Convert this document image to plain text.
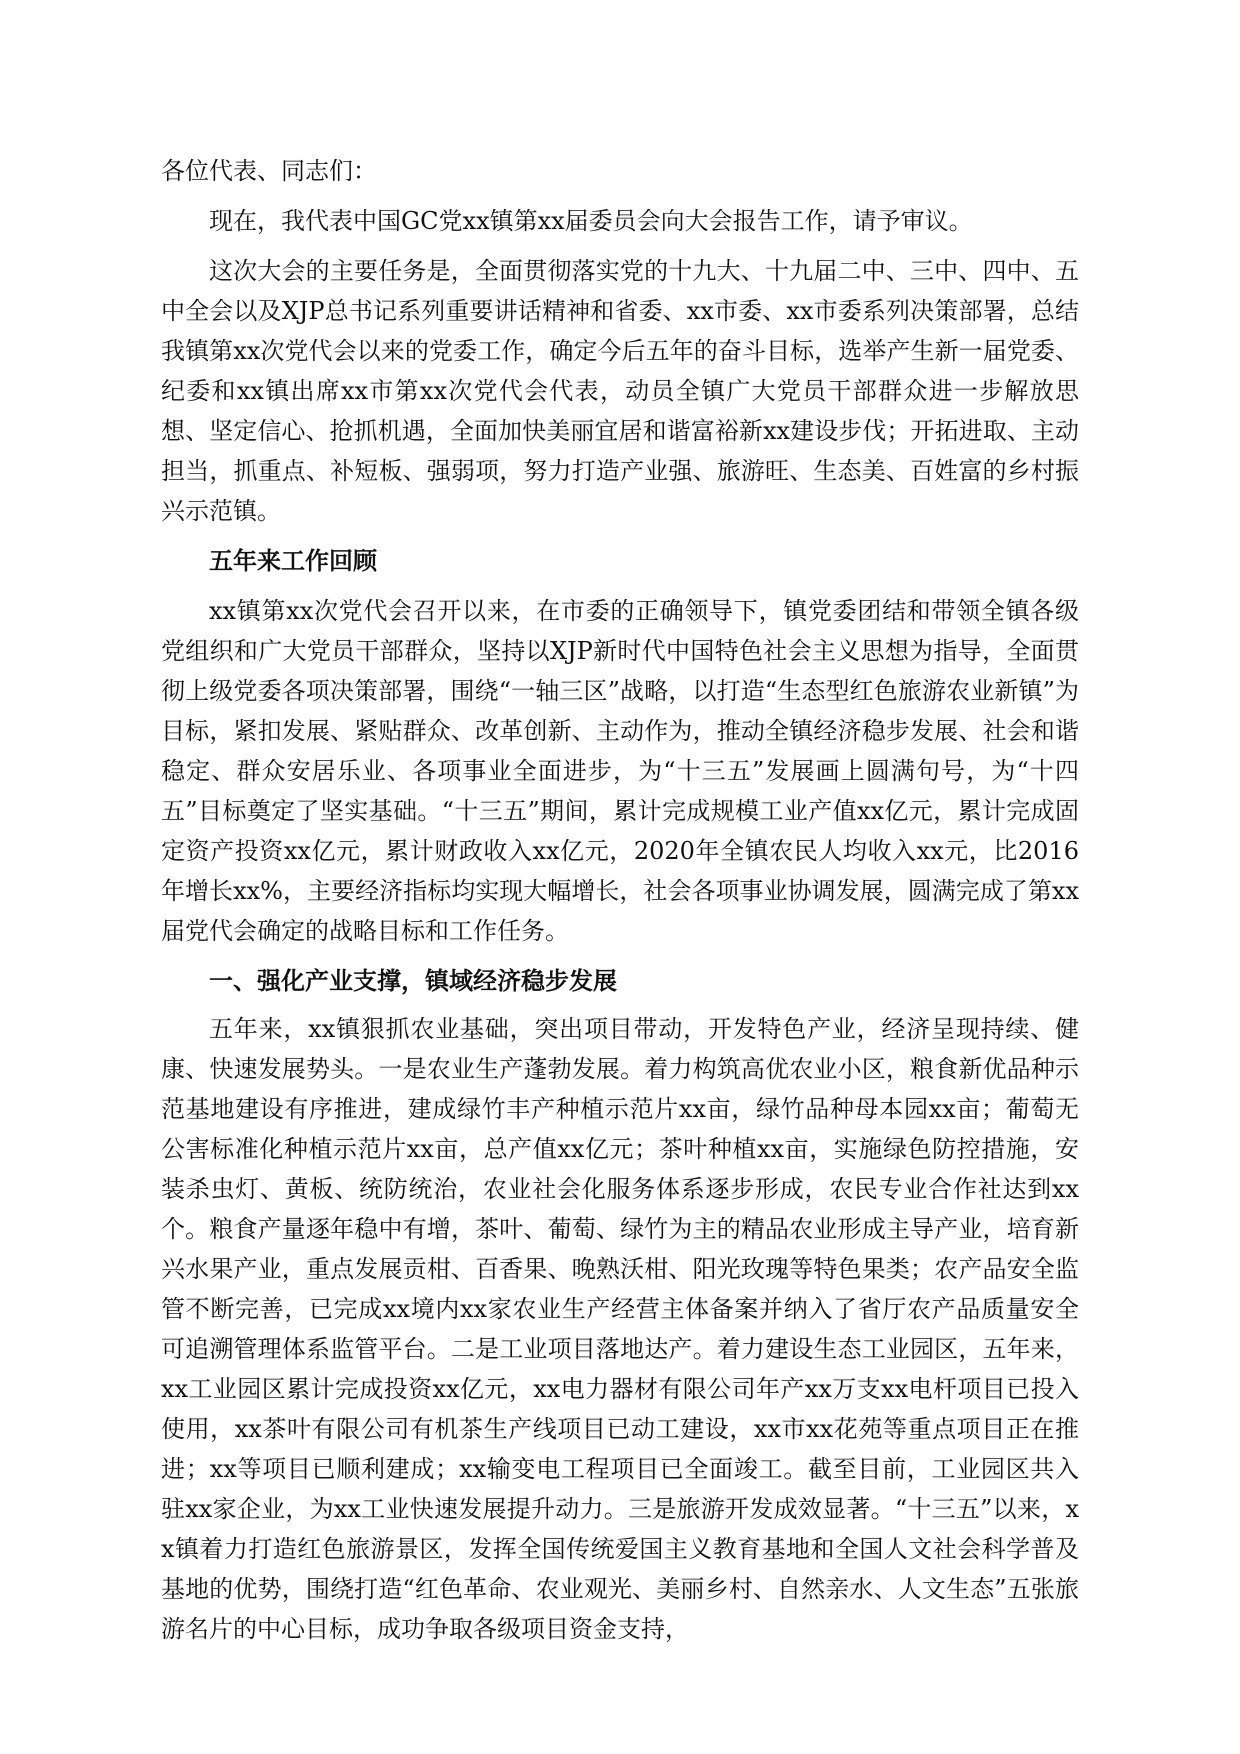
各位代表、同志们：

现在，我代表中国GC党xx镇第xx届委员会向大会报告工作，请予审议。

这次大会的主要任务是，全面贯彻落实党的十九大、十九届二中、三中、四中、五中全会以及XJP总书记系列重要讲话精神和省委、xx市委、xx市委系列决策部署，总结我镇第xx次党代会以来的党委工作，确定今后五年的奋斗目标，选举产生新一届党委、纪委和xx镇出席xx市第xx次党代会代表，动员全镇广大党员干部群众进一步解放思想、坚定信心、抢抓机遇，全面加快美丽宜居和谐富裕新xx建设步伐；开拓进取、主动担当，抓重点、补短板、强弱项，努力打造产业强、旅游旺、生态美、百姓富的乡村振兴示范镇。

五年来工作回顾

xx镇第xx次党代会召开以来，在市委的正确领导下，镇党委团结和带领全镇各级党组织和广大党员干部群众，坚持以XJP新时代中国特色社会主义思想为指导，全面贯彻上级党委各项决策部署，围绕“一轴三区”战略，以打造“生态型红色旅游农业新镇”为目标，紧扣发展、紧贴群众、改革创新、主动作为，推动全镇经济稳步发展、社会和谐稳定、群众安居乐业、各项事业全面进步，为“十三五”发展画上圆满句号，为“十四五”目标奠定了坚实基础。“十三五”期间，累计完成规模工业产值xx亿元，累计完成固定资产投资xx亿元，累计财政收入xx亿元，2020年全镇农民人均收入xx元，比2016年增长xx%，主要经济指标均实现大幅增长，社会各项事业协调发展，圆满完成了第xx届党代会确定的战略目标和工作任务。

一、强化产业支撑，镇域经济稳步发展

五年来，xx镇狠抓农业基础，突出项目带动，开发特色产业，经济呈现持续、健康、快速发展势头。一是农业生产蓬勃发展。着力构筑高优农业小区，粮食新优品种示范基地建设有序推进，建成绿竹丰产种植示范片xx亩，绿竹品种母本园xx亩；葡萄无公害标准化种植示范片xx亩，总产值xx亿元；茶叶种植xx亩，实施绿色防控措施，安装杀虫灯、黄板、统防统治，农业社会化服务体系逐步形成，农民专业合作社达到xx个。粮食产量逐年稳中有增，茶叶、葡萄、绿竹为主的精品农业形成主导产业，培育新兴水果产业，重点发展贡柑、百香果、晚熟沃柑、阳光玫瑰等特色果类；农产品安全监管不断完善，已完成xx境内xx家农业生产经营主体备案并纳入了省厅农产品质量安全可追溯管理体系监管平台。二是工业项目落地达产。着力建设生态工业园区，五年来，xx工业园区累计完成投资xx亿元，xx电力器材有限公司年产xx万支xx电杆项目已投入使用，xx茶叶有限公司有机茶生产线项目已动工建设，xx市xx花苑等重点项目正在推进；xx等项目已顺利建成；xx输变电工程项目已全面竣工。截至目前，工业园区共入驻xx家企业，为xx工业快速发展提升动力。三是旅游开发成效显著。“十三五”以来，xx镇着力打造红色旅游景区，发挥全国传统爱国主义教育基地和全国人文社会科学普及基地的优势，围绕打造“红色革命、农业观光、美丽乡村、自然亲水、人文生态”五张旅游名片的中心目标，成功争取各级项目资金支持，
